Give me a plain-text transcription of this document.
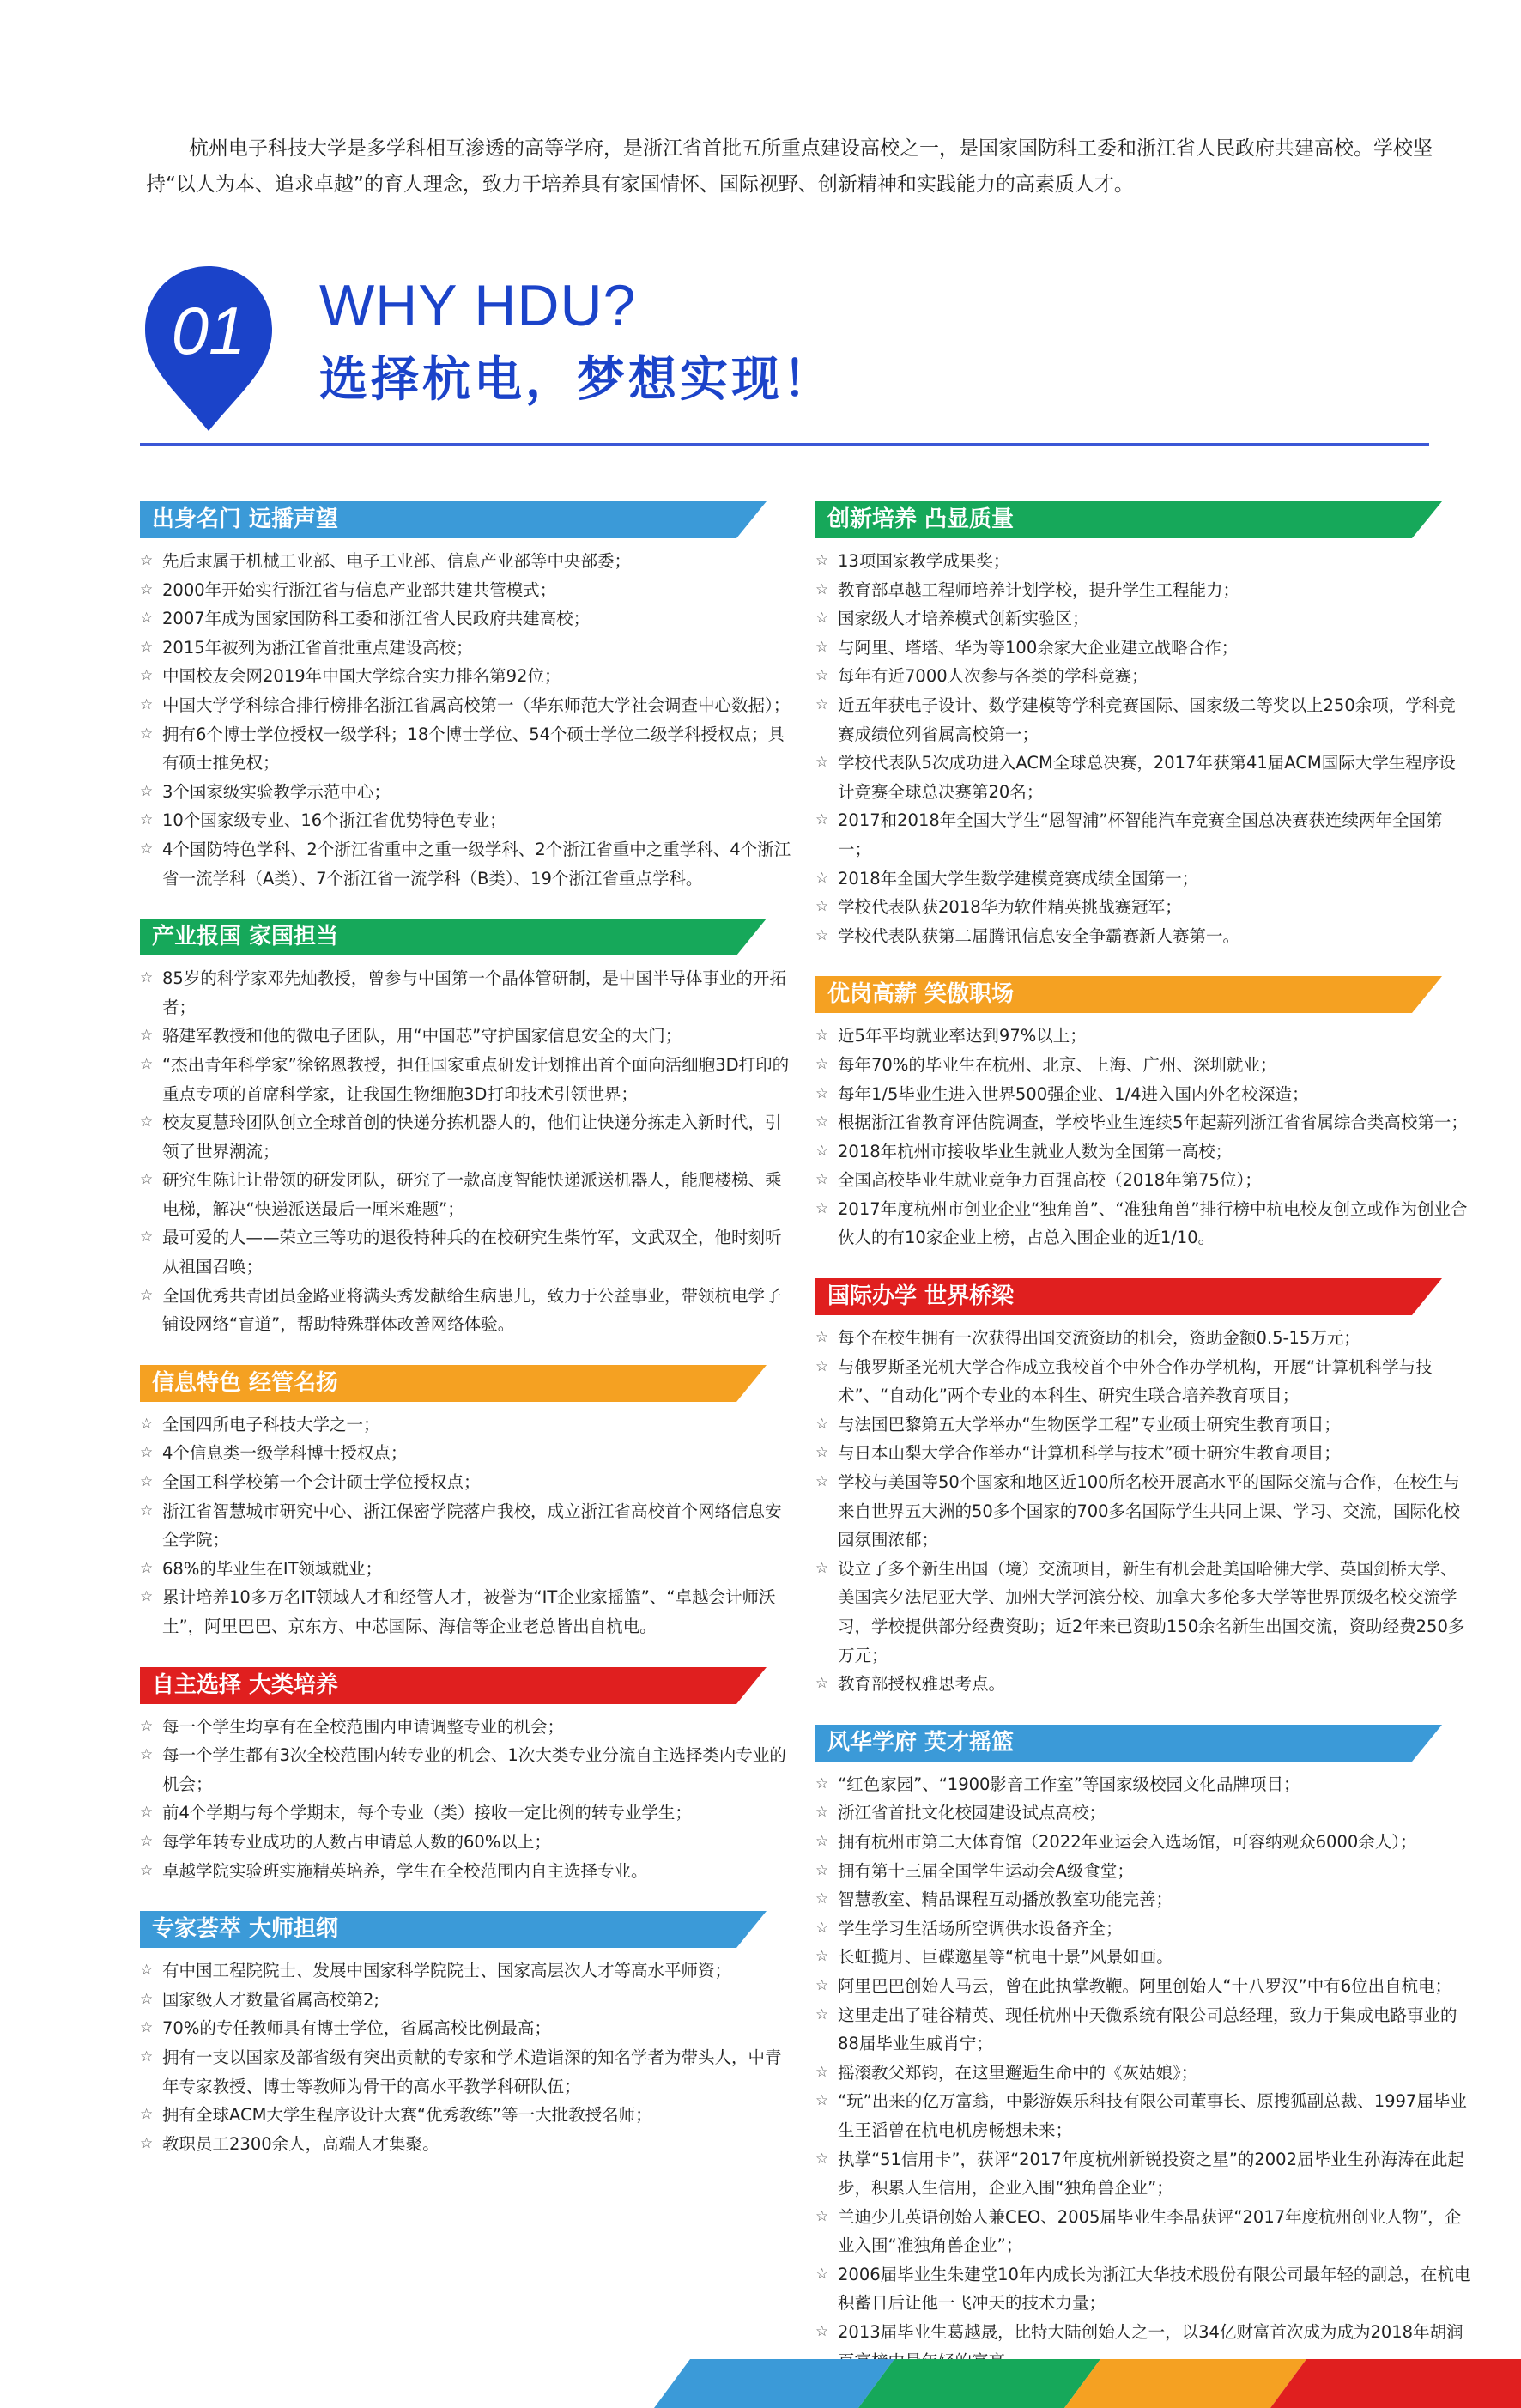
杭州电子科技大学是多学科相互渗透的高等学府，是浙江省首批五所重点建设高校之一，是国家国防科工委和浙江省人民政府共建高校。学校坚持“以人为本、追求卓越”的育人理念，致力于培养具有家国情怀、国际视野、创新精神和实践能力的高素质人才。

01 WHY HDU?
选择杭电，梦想实现！
出身名门 远播声望
☆ 先后隶属于机械工业部、电子工业部、信息产业部等中央部委；
☆ 2000年开始实行浙江省与信息产业部共建共管模式；
☆ 2007年成为国家国防科工委和浙江省人民政府共建高校；
☆ 2015年被列为浙江省首批重点建设高校；
☆ 中国校友会网2019年中国大学综合实力排名第92位；
☆ 中国大学学科综合排行榜排名浙江省属高校第一（华东师范大学社会调查中心数据）；
☆ 拥有6个博士学位授权一级学科；18个博士学位、54个硕士学位二级学科授权点；具有硕士推免权；
☆ 3个国家级实验教学示范中心；
☆ 10个国家级专业、16个浙江省优势特色专业；
☆ 4个国防特色学科、2个浙江省重中之重一级学科、2个浙江省重中之重学科、4个浙江省一流学科（A类）、7个浙江省一流学科（B类）、19个浙江省重点学科。
产业报国 家国担当
☆ 85岁的科学家邓先灿教授，曾参与中国第一个晶体管研制，是中国半导体事业的开拓者；
☆ 骆建军教授和他的微电子团队，用“中国芯”守护国家信息安全的大门；
☆ “杰出青年科学家”徐铭恩教授，担任国家重点研发计划推出首个面向活细胞3D打印的重点专项的首席科学家，让我国生物细胞3D打印技术引领世界；
☆ 校友夏慧玲团队创立全球首创的快递分拣机器人的，他们让快递分拣走入新时代，引领了世界潮流；
☆ 研究生陈让让带领的研发团队，研究了一款高度智能快递派送机器人，能爬楼梯、乘电梯，解决“快递派送最后一厘米难题”；
☆ 最可爱的人——荣立三等功的退役特种兵的在校研究生柴竹军，文武双全，他时刻听从祖国召唤；
☆ 全国优秀共青团员金路亚将满头秀发献给生病患儿，致力于公益事业，带领杭电学子铺设网络“盲道”，帮助特殊群体改善网络体验。
信息特色 经管名扬
☆ 全国四所电子科技大学之一；
☆ 4个信息类一级学科博士授权点；
☆ 全国工科学校第一个会计硕士学位授权点；
☆ 浙江省智慧城市研究中心、浙江保密学院落户我校，成立浙江省高校首个网络信息安全学院；
☆ 68%的毕业生在IT领域就业；
☆ 累计培养10多万名IT领域人才和经管人才，被誉为“IT企业家摇篮”、“卓越会计师沃土”，阿里巴巴、京东方、中芯国际、海信等企业老总皆出自杭电。
自主选择 大类培养
☆ 每一个学生均享有在全校范围内申请调整专业的机会；
☆ 每一个学生都有3次全校范围内转专业的机会、1次大类专业分流自主选择类内专业的机会；
☆ 前4个学期与每个学期末，每个专业（类）接收一定比例的转专业学生；
☆ 每学年转专业成功的人数占申请总人数的60%以上；
☆ 卓越学院实验班实施精英培养，学生在全校范围内自主选择专业。
专家荟萃 大师担纲
☆ 有中国工程院院士、发展中国家科学院院士、国家高层次人才等高水平师资；
☆ 国家级人才数量省属高校第2;
☆ 70%的专任教师具有博士学位，省属高校比例最高；
☆ 拥有一支以国家及部省级有突出贡献的专家和学术造诣深的知名学者为带头人，中青年专家教授、博士等教师为骨干的高水平教学科研队伍；
☆ 拥有全球ACM大学生程序设计大赛“优秀教练”等一大批教授名师；
☆ 教职员工2300余人，高端人才集聚。
创新培养 凸显质量
☆ 13项国家教学成果奖；
☆ 教育部卓越工程师培养计划学校，提升学生工程能力；
☆ 国家级人才培养模式创新实验区；
☆ 与阿里、塔塔、华为等100余家大企业建立战略合作；
☆ 每年有近7000人次参与各类的学科竞赛；
☆ 近五年获电子设计、数学建模等学科竞赛国际、国家级二等奖以上250余项，学科竞赛成绩位列省属高校第一；
☆ 学校代表队5次成功进入ACM全球总决赛，2017年获第41届ACM国际大学生程序设计竞赛全球总决赛第20名；
☆ 2017和2018年全国大学生“恩智浦”杯智能汽车竞赛全国总决赛获连续两年全国第一；
☆ 2018年全国大学生数学建模竞赛成绩全国第一；
☆ 学校代表队获2018华为软件精英挑战赛冠军；
☆ 学校代表队获第二届腾讯信息安全争霸赛新人赛第一。
优岗高薪 笑傲职场
☆ 近5年平均就业率达到97%以上；
☆ 每年70%的毕业生在杭州、北京、上海、广州、深圳就业；
☆ 每年1/5毕业生进入世界500强企业、1/4进入国内外名校深造；
☆ 根据浙江省教育评估院调查，学校毕业生连续5年起薪列浙江省省属综合类高校第一；
☆ 2018年杭州市接收毕业生就业人数为全国第一高校；
☆ 全国高校毕业生就业竞争力百强高校（2018年第75位）；
☆ 2017年度杭州市创业企业“独角兽”、“准独角兽”排行榜中杭电校友创立或作为创业合伙人的有10家企业上榜，占总入围企业的近1/10。
国际办学 世界桥梁
☆ 每个在校生拥有一次获得出国交流资助的机会，资助金额0.5-15万元；
☆ 与俄罗斯圣光机大学合作成立我校首个中外合作办学机构，开展“计算机科学与技术”、“自动化”两个专业的本科生、研究生联合培养教育项目；
☆ 与法国巴黎第五大学举办“生物医学工程”专业硕士研究生教育项目；
☆ 与日本山梨大学合作举办“计算机科学与技术”硕士研究生教育项目；
☆ 学校与美国等50个国家和地区近100所名校开展高水平的国际交流与合作，在校生与来自世界五大洲的50多个国家的700多名国际学生共同上课、学习、交流，国际化校园氛围浓郁；
☆ 设立了多个新生出国（境）交流项目，新生有机会赴美国哈佛大学、英国剑桥大学、美国宾夕法尼亚大学、加州大学河滨分校、加拿大多伦多大学等世界顶级名校交流学习，学校提供部分经费资助；近2年来已资助150余名新生出国交流，资助经费250多万元；
☆ 教育部授权雅思考点。
风华学府 英才摇篮
☆ “红色家园”、“1900影音工作室”等国家级校园文化品牌项目；
☆ 浙江省首批文化校园建设试点高校；
☆ 拥有杭州市第二大体育馆（2022年亚运会入选场馆，可容纳观众6000余人）；
☆ 拥有第十三届全国学生运动会A级食堂；
☆ 智慧教室、精品课程互动播放教室功能完善；
☆ 学生学习生活场所空调供水设备齐全；
☆ 长虹揽月、巨碟邀星等“杭电十景”风景如画。
☆ 阿里巴巴创始人马云，曾在此执掌教鞭。阿里创始人“十八罗汉”中有6位出自杭电；
☆ 这里走出了硅谷精英、现任杭州中天微系统有限公司总经理，致力于集成电路事业的88届毕业生戚肖宁；
☆ 摇滚教父郑钧，在这里邂逅生命中的《灰姑娘》；
☆ “玩”出来的亿万富翁，中影游娱乐科技有限公司董事长、原搜狐副总裁、1997届毕业生王滔曾在杭电机房畅想未来；
☆ 执掌“51信用卡”，获评“2017年度杭州新锐投资之星”的2002届毕业生孙海涛在此起步，积累人生信用，企业入围“独角兽企业”；
☆ 兰迪少儿英语创始人兼CEO、2005届毕业生李晶获评“2017年度杭州创业人物”，企业入围“准独角兽企业”；
☆ 2006届毕业生朱建堂10年内成长为浙江大华技术股份有限公司最年轻的副总，在杭电积蓄日后让他一飞冲天的技术力量；
☆ 2013届毕业生葛越晟，比特大陆创始人之一，以34亿财富首次成为成为2018年胡润
